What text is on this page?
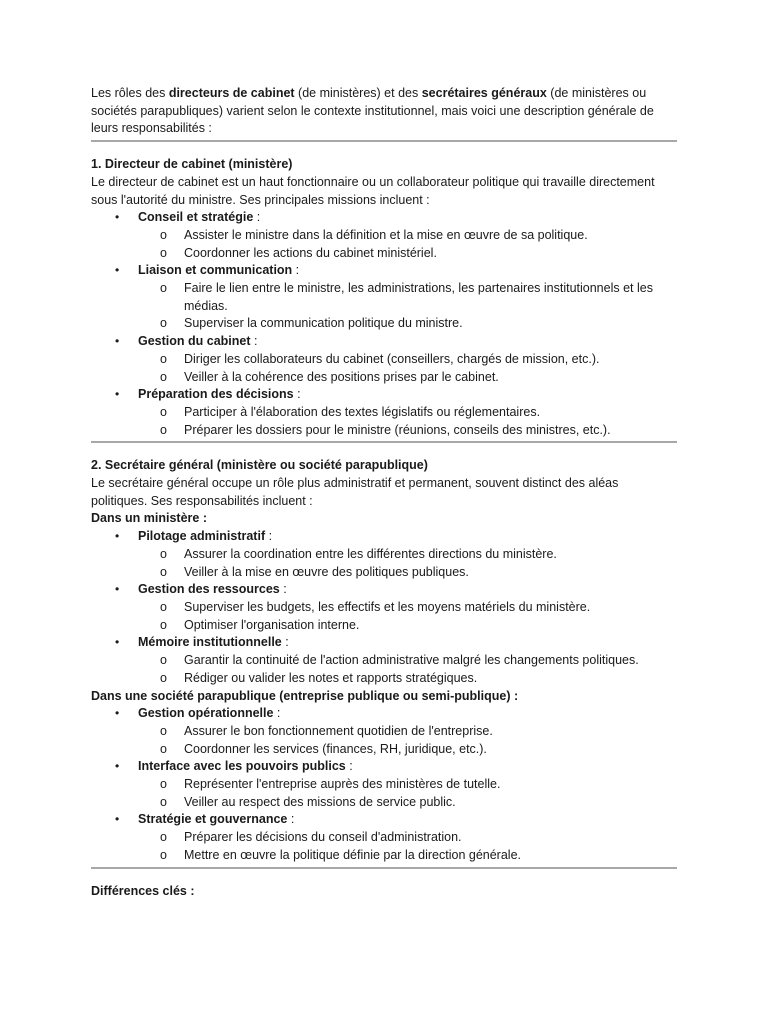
Les rôles des directeurs de cabinet (de ministères) et des secrétaires généraux (de ministères ou sociétés parapubliques) varient selon le contexte institutionnel, mais voici une description générale de leurs responsabilités :

1. Directeur de cabinet (ministère)

Le directeur de cabinet est un haut fonctionnaire ou un collaborateur politique qui travaille directement sous l'autorité du ministre. Ses principales missions incluent :

• Conseil et stratégie :
o Assister le ministre dans la définition et la mise en œuvre de sa politique.
o Coordonner les actions du cabinet ministériel.
• Liaison et communication :
o Faire le lien entre le ministre, les administrations, les partenaires institutionnels et les médias.
o Superviser la communication politique du ministre.
• Gestion du cabinet :
o Diriger les collaborateurs du cabinet (conseillers, chargés de mission, etc.).
o Veiller à la cohérence des positions prises par le cabinet.
• Préparation des décisions :
o Participer à l'élaboration des textes législatifs ou réglementaires.
o Préparer les dossiers pour le ministre (réunions, conseils des ministres, etc.).

2. Secrétaire général (ministère ou société parapublique)

Le secrétaire général occupe un rôle plus administratif et permanent, souvent distinct des aléas politiques. Ses responsabilités incluent :

Dans un ministère :

• Pilotage administratif :
o Assurer la coordination entre les différentes directions du ministère.
o Veiller à la mise en œuvre des politiques publiques.
• Gestion des ressources :
o Superviser les budgets, les effectifs et les moyens matériels du ministère.
o Optimiser l'organisation interne.
• Mémoire institutionnelle :
o Garantir la continuité de l'action administrative malgré les changements politiques.
o Rédiger ou valider les notes et rapports stratégiques.

Dans une société parapublique (entreprise publique ou semi-publique) :

• Gestion opérationnelle :
o Assurer le bon fonctionnement quotidien de l'entreprise.
o Coordonner les services (finances, RH, juridique, etc.).
• Interface avec les pouvoirs publics :
o Représenter l'entreprise auprès des ministères de tutelle.
o Veiller au respect des missions de service public.
• Stratégie et gouvernance :
o Préparer les décisions du conseil d'administration.
o Mettre en œuvre la politique définie par la direction générale.

Différences clés :
